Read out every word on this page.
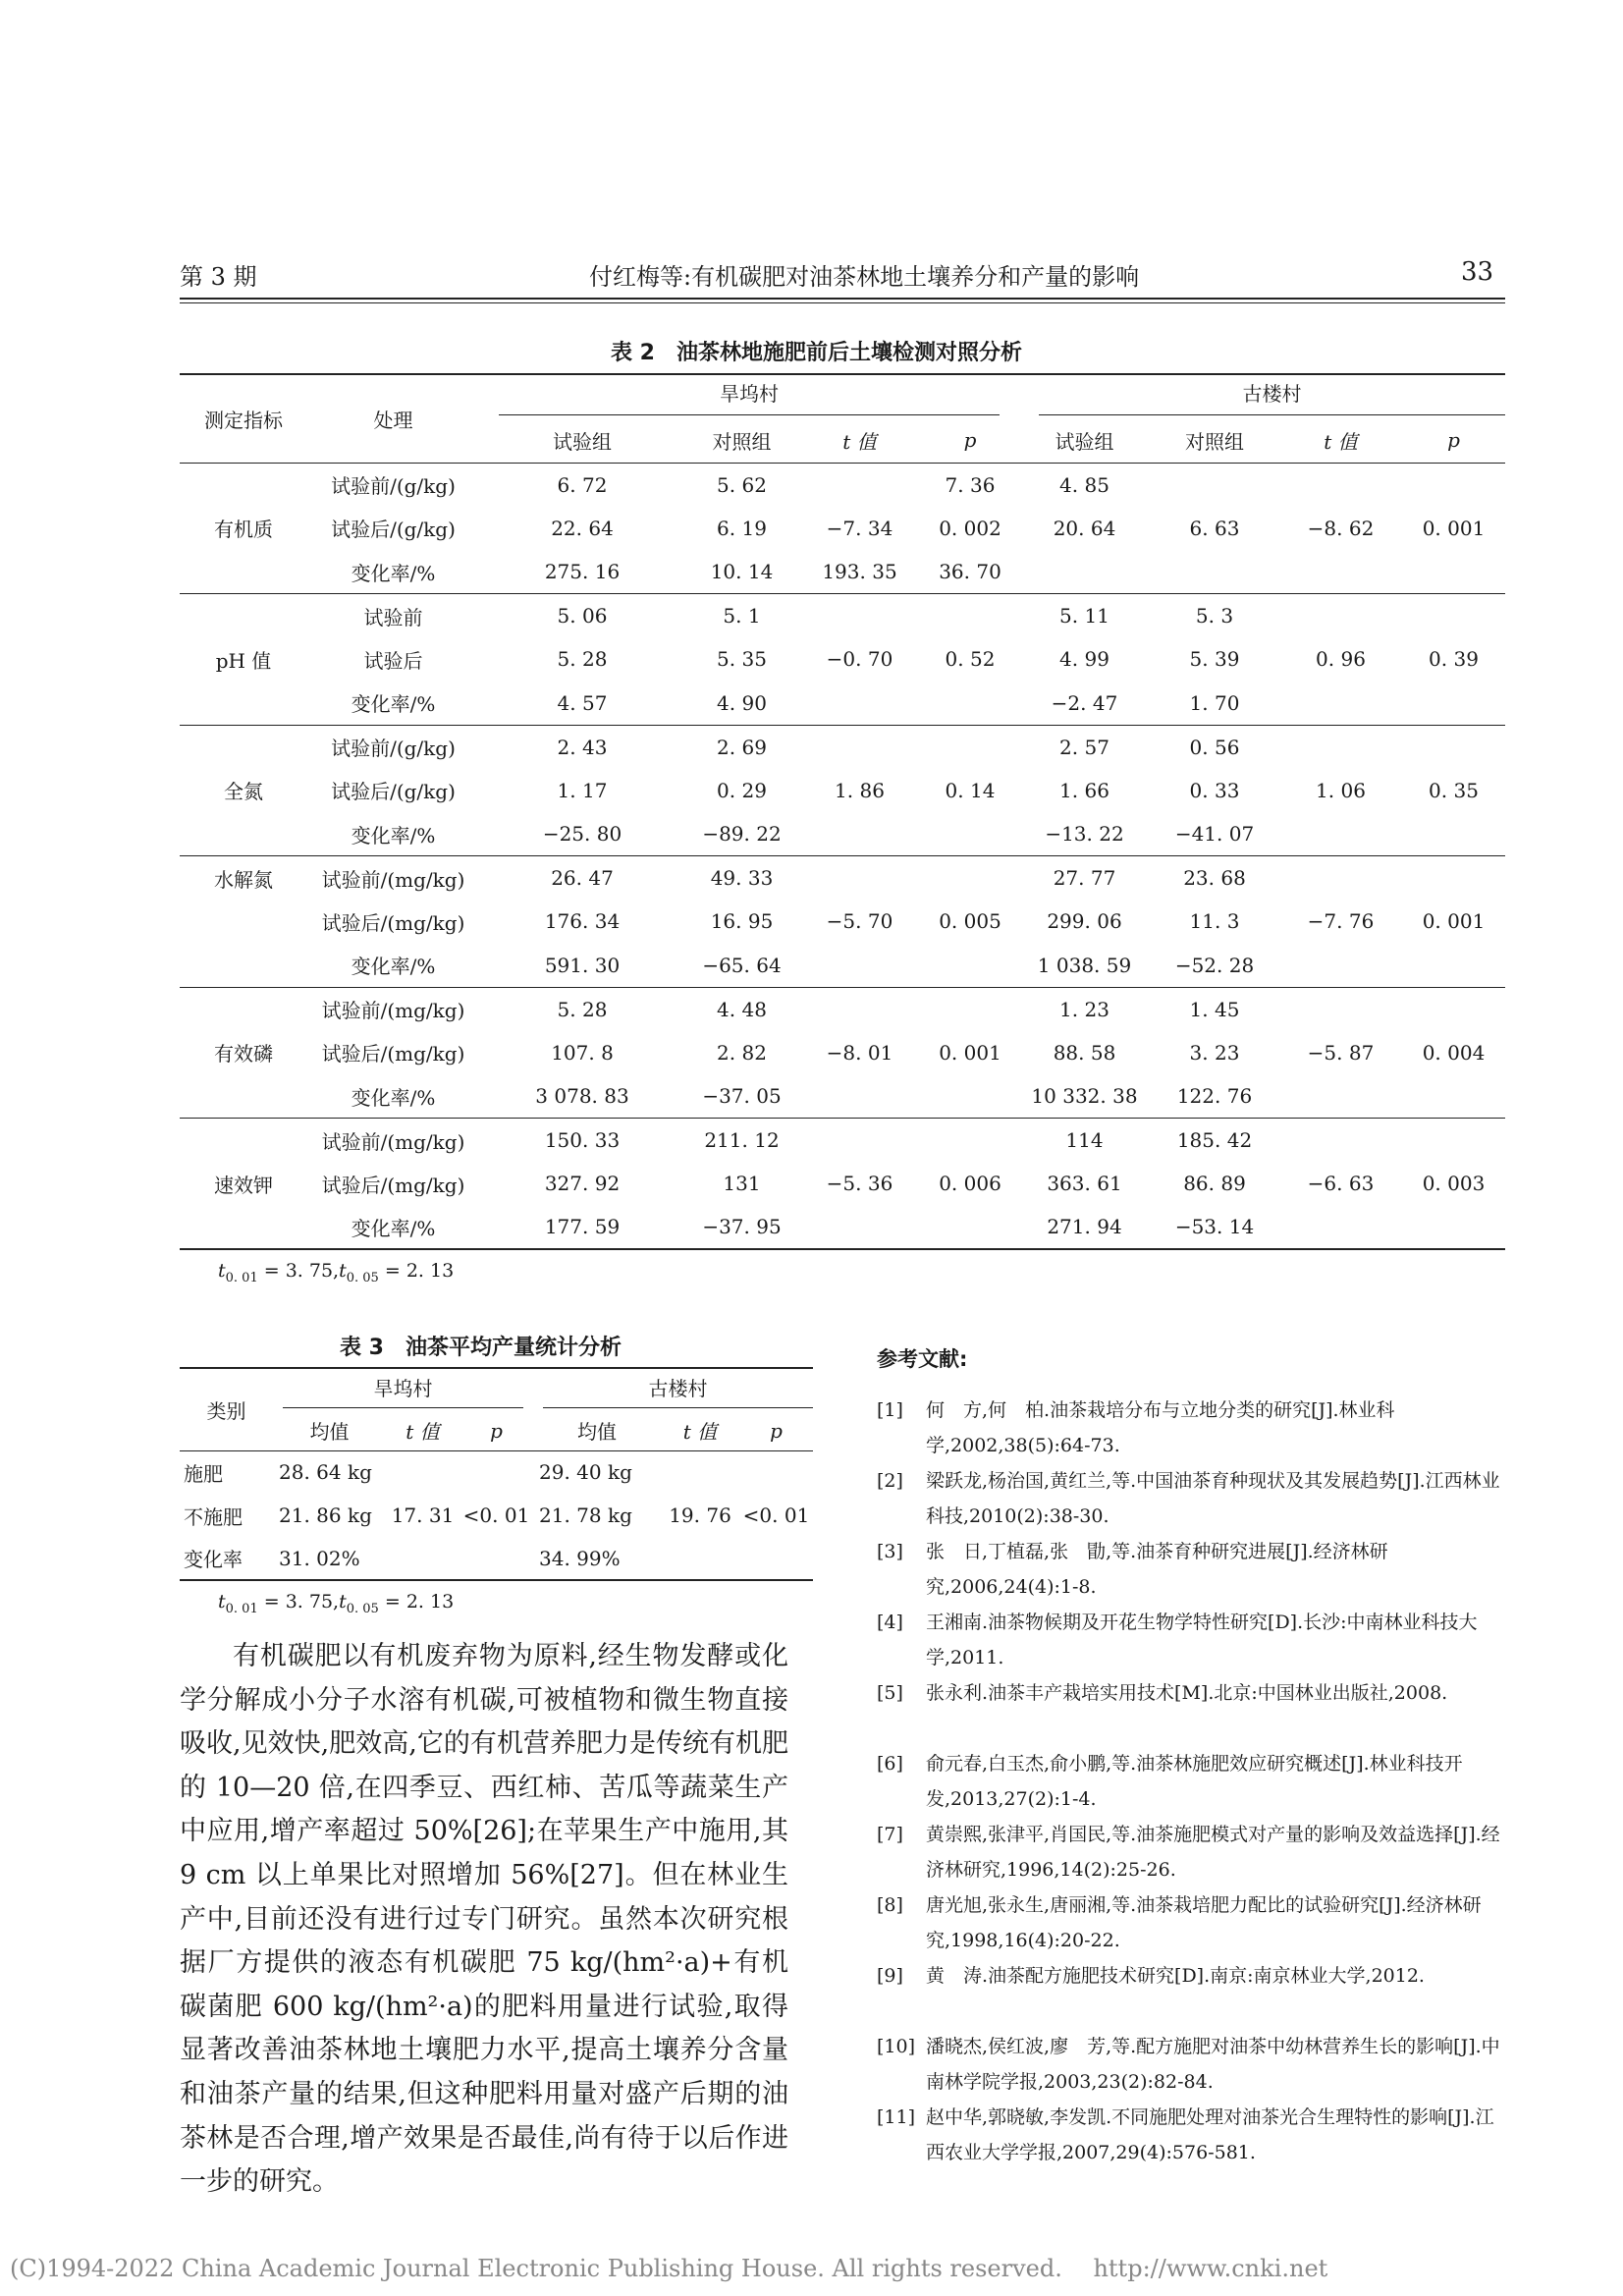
第 3 期	付红梅等:有机碳肥对油茶林地土壤养分和产量的影响	33
表 2　油茶林地施肥前后土壤检测对照分析
测定指标	处理	旱坞村				古楼村			

		试验组	对照组	t 值	p	试验组	对照组	t 值	p
有机质	试验前/(g/kg)	6. 72	5. 62		7. 36	4. 85			
	试验后/(g/kg)	22. 64	6. 19	−7. 34	0. 002	20. 64	6. 63	−8. 62	0. 001
	变化率/%	275. 16	10. 14	193. 35	36. 70				
pH 值	试验前	5. 06	5. 1			5. 11	5. 3		
	试验后	5. 28	5. 35	−0. 70	0. 52	4. 99	5. 39	0. 96	0. 39
	变化率/%	4. 57	4. 90			−2. 47	1. 70		
全氮	试验前/(g/kg)	2. 43	2. 69			2. 57	0. 56		
	试验后/(g/kg)	1. 17	0. 29	1. 86	0. 14	1. 66	0. 33	1. 06	0. 35
	变化率/%	−25. 80	−89. 22			−13. 22	−41. 07		
水解氮	试验前/(mg/kg)	26. 47	49. 33			27. 77	23. 68		
	试验后/(mg/kg)	176. 34	16. 95	−5. 70	0. 005	299. 06	11. 3	−7. 76	0. 001
	变化率/%	591. 30	−65. 64			1 038. 59	−52. 28		
有效磷	试验前/(mg/kg)	5. 28	4. 48			1. 23	1. 45		
	试验后/(mg/kg)	107. 8	2. 82	−8. 01	0. 001	88. 58	3. 23	−5. 87	0. 004
	变化率/%	3 078. 83	−37. 05			10 332. 38	122. 76		
速效钾	试验前/(mg/kg)	150. 33	211. 12			114	185. 42		
	试验后/(mg/kg)	327. 92	131	−5. 36	0. 006	363. 61	86. 89	−6. 63	0. 003
	变化率/%	177. 59	−37. 95			271. 94	−53. 14		
$t_{0. 01} = 3$. $75,t_{0. 05} = 2$. 13
表 3　油茶平均产量统计分析
类别	旱坞村			古楼村		

	均值	t 值	p	均值	t 值	p
施肥	28. 64 kg			29. 40 kg		
不施肥	21. 86 kg	17. 31	<0. 01	21. 78 kg	19. 76	<0. 01
变化率	31. 02%			34. 99%		
$t_{0. 01} = 3$. $75,t_{0. 05} = 2$. 13

有机碳肥以有机废弃物为原料,经生物发酵或化学分解成小分子水溶有机碳,可被植物和微生物直接吸收,见效快,肥效高,它的有机营养肥力是传统有机肥的 10—20 倍,在四季豆、西红柿、苦瓜等蔬菜生产中应用,增产率超过 50%[26];在苹果生产中施用,其 9 cm 以上单果比对照增加 56%[27]。但在林业生产中,目前还没有进行过专门研究。虽然本次研究根据厂方提供的液态有机碳肥 75 kg/(hm²·a)+有机碳菌肥 600 kg/(hm²·a)的肥料用量进行试验,取得显著改善油茶林地土壤肥力水平,提高土壤养分含量和油茶产量的结果,但这种肥料用量对盛产后期的油茶林是否合理,增产效果是否最佳,尚有待于以后作进一步的研究。

参考文献:
[1] 何　方,何　柏.油茶栽培分布与立地分类的研究[J].林业科学,2002,38(5):64-73.
[2] 梁跃龙,杨治国,黄红兰,等.中国油茶育种现状及其发展趋势[J].江西林业科技,2010(2):38-30.
[3] 张　日,丁植磊,张　勖,等.油茶育种研究进展[J].经济林研究,2006,24(4):1-8.
[4] 王湘南.油茶物候期及开花生物学特性研究[D].长沙:中南林业科技大学,2011.
[5] 张永利.油茶丰产栽培实用技术[M].北京:中国林业出版社,2008.
[6] 俞元春,白玉杰,俞小鹏,等.油茶林施肥效应研究概述[J].林业科技开发,2013,27(2):1-4.
[7] 黄崇熙,张津平,肖国民,等.油茶施肥模式对产量的影响及效益选择[J].经济林研究,1996,14(2):25-26.
[8] 唐光旭,张永生,唐丽湘,等.油茶栽培肥力配比的试验研究[J].经济林研究,1998,16(4):20-22.
[9] 黄　涛.油茶配方施肥技术研究[D].南京:南京林业大学,2012.
[10] 潘晓杰,侯红波,廖　芳,等.配方施肥对油茶中幼林营养生长的影响[J].中南林学院学报,2003,23(2):82-84.
[11] 赵中华,郭晓敏,李发凯.不同施肥处理对油茶光合生理特性的影响[J].江西农业大学学报,2007,29(4):576-581.
(C)1994-2022 China Academic Journal Electronic Publishing House. All rights reserved.　 http://www.cnki.net
